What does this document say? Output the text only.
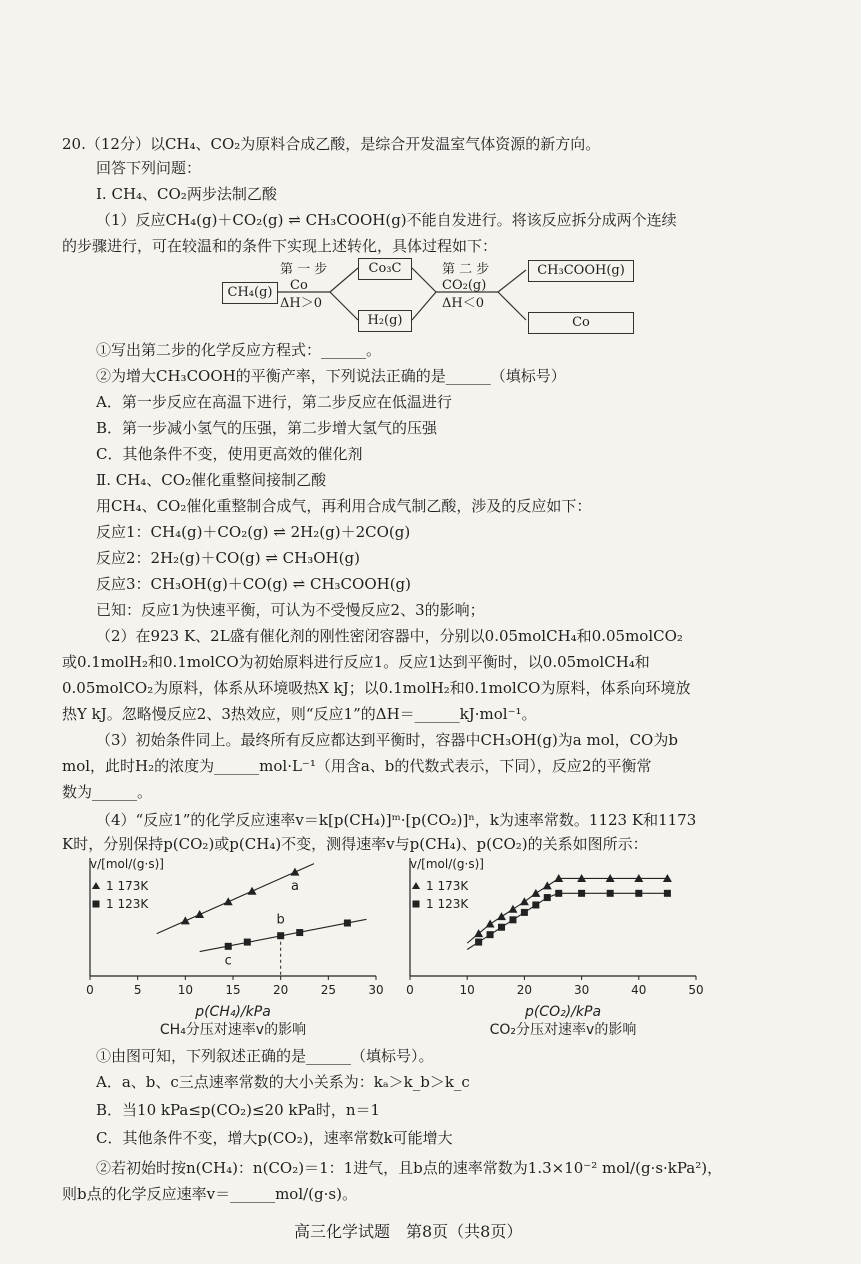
20.（12分）以CH₄、CO₂为原料合成乙酸，是综合开发温室气体资源的新方向。
回答下列问题：
Ⅰ. CH₄、CO₂两步法制乙酸
（1）反应CH₄(g)＋CO₂(g) ⇌ CH₃COOH(g)不能自发进行。将该反应拆分成两个连续
的步骤进行，可在较温和的条件下实现上述转化，具体过程如下：
CH₄(g)
第 一 步
Co
ΔH＞0
Co₃C
H₂(g)
第 二 步
CO₂(g)
ΔH＜0
CH₃COOH(g)
Co
①写出第二步的化学反应方程式：______。
②为增大CH₃COOH的平衡产率，下列说法正确的是______（填标号）
A．第一步反应在高温下进行，第二步反应在低温进行
B．第一步减小氢气的压强，第二步增大氢气的压强
C．其他条件不变，使用更高效的催化剂
Ⅱ. CH₄、CO₂催化重整间接制乙酸
用CH₄、CO₂催化重整制合成气，再利用合成气制乙酸，涉及的反应如下：
反应1：CH₄(g)＋CO₂(g) ⇌ 2H₂(g)＋2CO(g)
反应2：2H₂(g)＋CO(g) ⇌ CH₃OH(g)
反应3：CH₃OH(g)＋CO(g) ⇌ CH₃COOH(g)
已知：反应1为快速平衡，可认为不受慢反应2、3的影响；
（2）在923 K、2L盛有催化剂的刚性密闭容器中，分别以0.05molCH₄和0.05molCO₂
或0.1molH₂和0.1molCO为初始原料进行反应1。反应1达到平衡时，以0.05molCH₄和
0.05molCO₂为原料，体系从环境吸热X kJ；以0.1molH₂和0.1molCO为原料，体系向环境放
热Y kJ。忽略慢反应2、3热效应，则“反应1”的ΔH＝______kJ·mol⁻¹。
（3）初始条件同上。最终所有反应都达到平衡时，容器中CH₃OH(g)为a mol，CO为b
mol，此时H₂的浓度为______mol·L⁻¹（用含a、b的代数式表示，下同），反应2的平衡常
数为______。
（4）“反应1”的化学反应速率v＝k[p(CH₄)]ᵐ·[p(CO₂)]ⁿ，k为速率常数。1123 K和1173
K时，分别保持p(CO₂)或p(CH₄)不变，测得速率v与p(CH₄)、p(CO₂)的关系如图所示：
v/[mol/(g·s)]
0	5	10	15	20	25	30
1 173K
1 123K
a
b
c
p(CH₄)/kPa
CH₄分压对速率v的影响
v/[mol/(g·s)]
0	10	20	30	40	50
1 173K
1 123K
p(CO₂)/kPa
CO₂分压对速率v的影响
①由图可知，下列叙述正确的是______（填标号）。
A．a、b、c三点速率常数的大小关系为：kₐ＞k_b＞k_c
B．当10 kPa≤p(CO₂)≤20 kPa时，n＝1
C．其他条件不变，增大p(CO₂)，速率常数k可能增大
②若初始时按n(CH₄)：n(CO₂)＝1：1进气，且b点的速率常数为1.3×10⁻² mol/(g·s·kPa²)，
则b点的化学反应速率v＝______mol/(g·s)。
高三化学试题　第8页（共8页）
